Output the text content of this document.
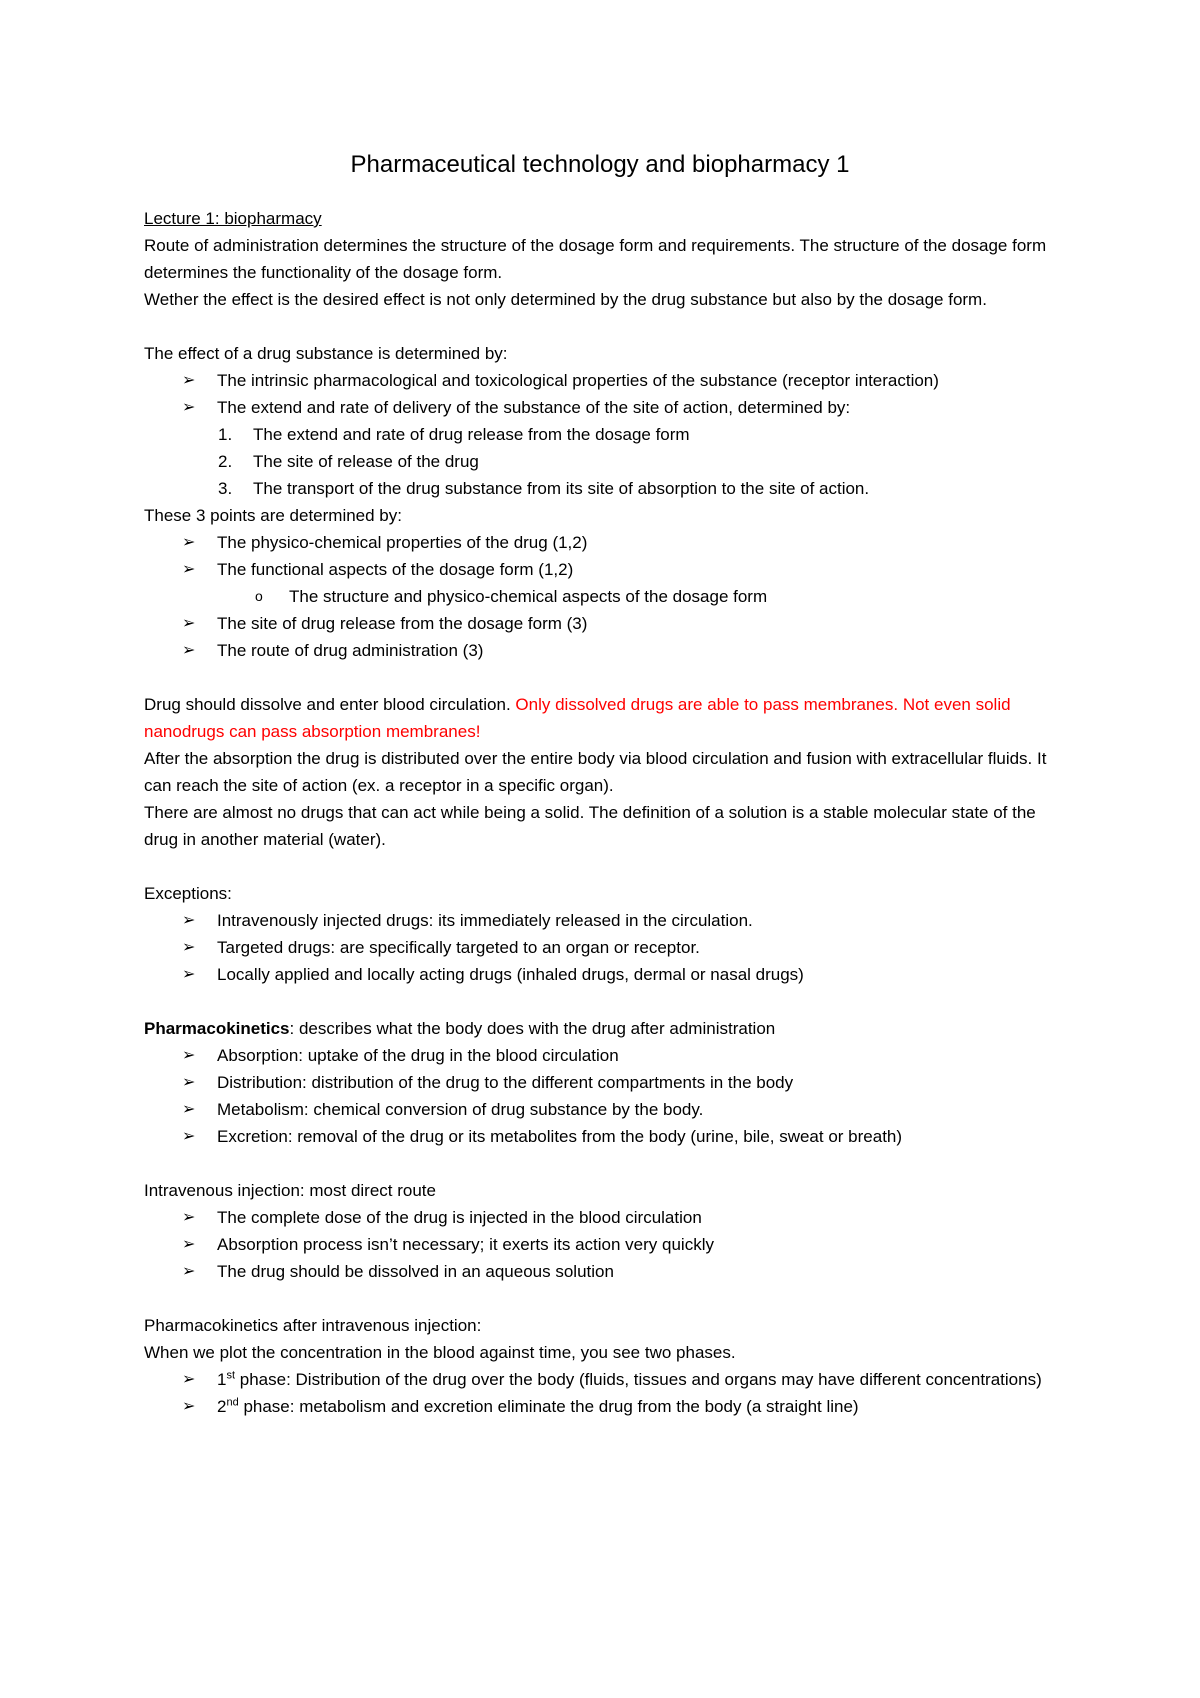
Pharmaceutical technology and biopharmacy 1

Lecture 1: biopharmacy

Route of administration determines the structure of the dosage form and requirements. The structure of the dosage form determines the functionality of the dosage form.

Wether the effect is the desired effect is not only determined by the drug substance but also by the dosage form.

The effect of a drug substance is determined by:

➢ The intrinsic pharmacological and toxicological properties of the substance (receptor interaction)
➢ The extend and rate of delivery of the substance of the site of action, determined by:
1. The extend and rate of drug release from the dosage form
2. The site of release of the drug
3. The transport of the drug substance from its site of absorption to the site of action.

These 3 points are determined by:

➢ The physico-chemical properties of the drug (1,2)
➢ The functional aspects of the dosage form (1,2)
o The structure and physico-chemical aspects of the dosage form
➢ The site of drug release from the dosage form (3)
➢ The route of drug administration (3)

Drug should dissolve and enter blood circulation. Only dissolved drugs are able to pass membranes. Not even solid nanodrugs can pass absorption membranes!

After the absorption the drug is distributed over the entire body via blood circulation and fusion with extracellular fluids. It can reach the site of action (ex. a receptor in a specific organ).

There are almost no drugs that can act while being a solid. The definition of a solution is a stable molecular state of the drug in another material (water).

Exceptions:

➢ Intravenously injected drugs: its immediately released in the circulation.
➢ Targeted drugs: are specifically targeted to an organ or receptor.
➢ Locally applied and locally acting drugs (inhaled drugs, dermal or nasal drugs)

Pharmacokinetics: describes what the body does with the drug after administration

➢ Absorption: uptake of the drug in the blood circulation
➢ Distribution: distribution of the drug to the different compartments in the body
➢ Metabolism: chemical conversion of drug substance by the body.
➢ Excretion: removal of the drug or its metabolites from the body (urine, bile, sweat or breath)

Intravenous injection: most direct route

➢ The complete dose of the drug is injected in the blood circulation
➢ Absorption process isn’t necessary; it exerts its action very quickly
➢ The drug should be dissolved in an aqueous solution

Pharmacokinetics after intravenous injection:

When we plot the concentration in the blood against time, you see two phases.

➢ 1st phase: Distribution of the drug over the body (fluids, tissues and organs may have different concentrations)
➢ 2nd phase: metabolism and excretion eliminate the drug from the body (a straight line)
